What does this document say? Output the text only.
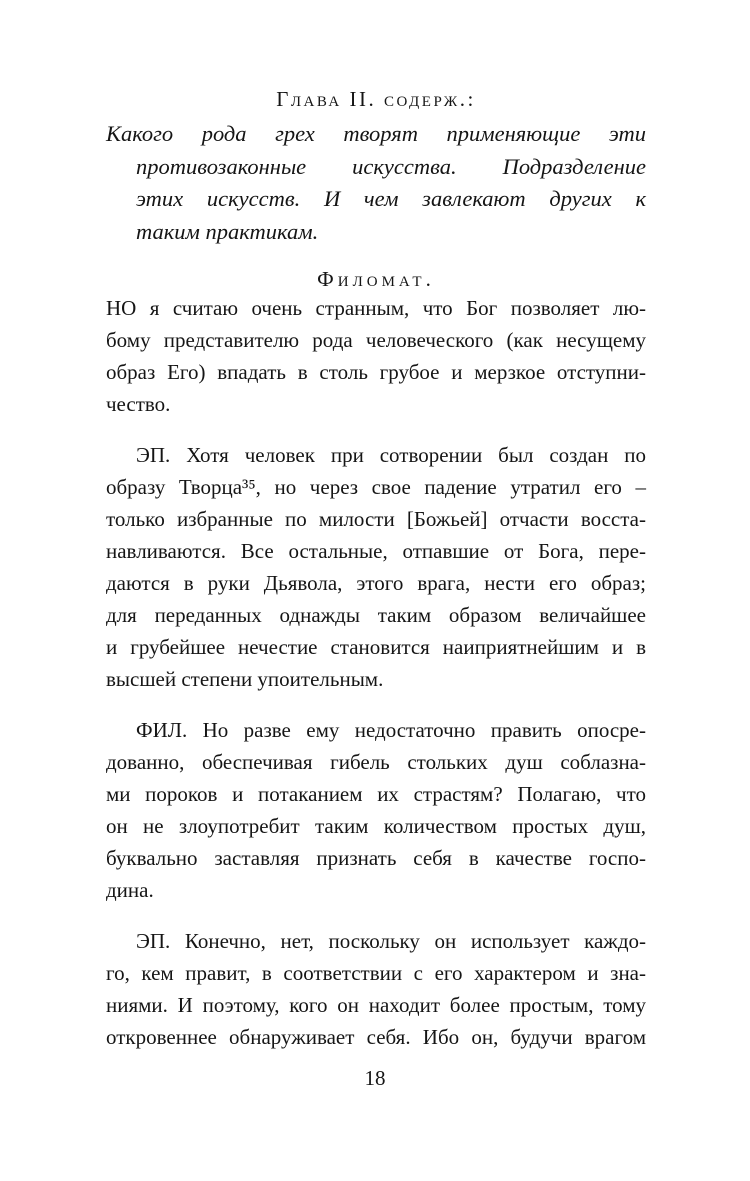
Глава II. содерж.:
Какого рода грех творят применяющие эти
противозаконные искусства. Подразделение
этих искусств. И чем завлекают других к
таким практикам.
Филомат.
НО я считаю очень странным, что Бог позволяет лю-
бому представителю рода человеческого (как несущему
образ Его) впадать в столь грубое и мерзкое отступни-
чество.
ЭП. Хотя человек при сотворении был создан по
образу Творца³⁵, но через свое падение утратил его –
только избранные по милости [Божьей] отчасти восста-
навливаются. Все остальные, отпавшие от Бога, пере-
даются в руки Дьявола, этого врага, нести его образ;
для переданных однажды таким образом величайшее
и грубейшее нечестие становится наиприятнейшим и в
высшей степени упоительным.
ФИЛ. Но разве ему недостаточно править опосре-
дованно, обеспечивая гибель стольких душ соблазна-
ми пороков и потаканием их страстям? Полагаю, что
он не злоупотребит таким количеством простых душ,
буквально заставляя признать себя в качестве госпо-
дина.
ЭП. Конечно, нет, поскольку он использует каждо-
го, кем правит, в соответствии с его характером и зна-
ниями. И поэтому, кого он находит более простым, тому
откровеннее обнаруживает себя. Ибо он, будучи врагом
18
